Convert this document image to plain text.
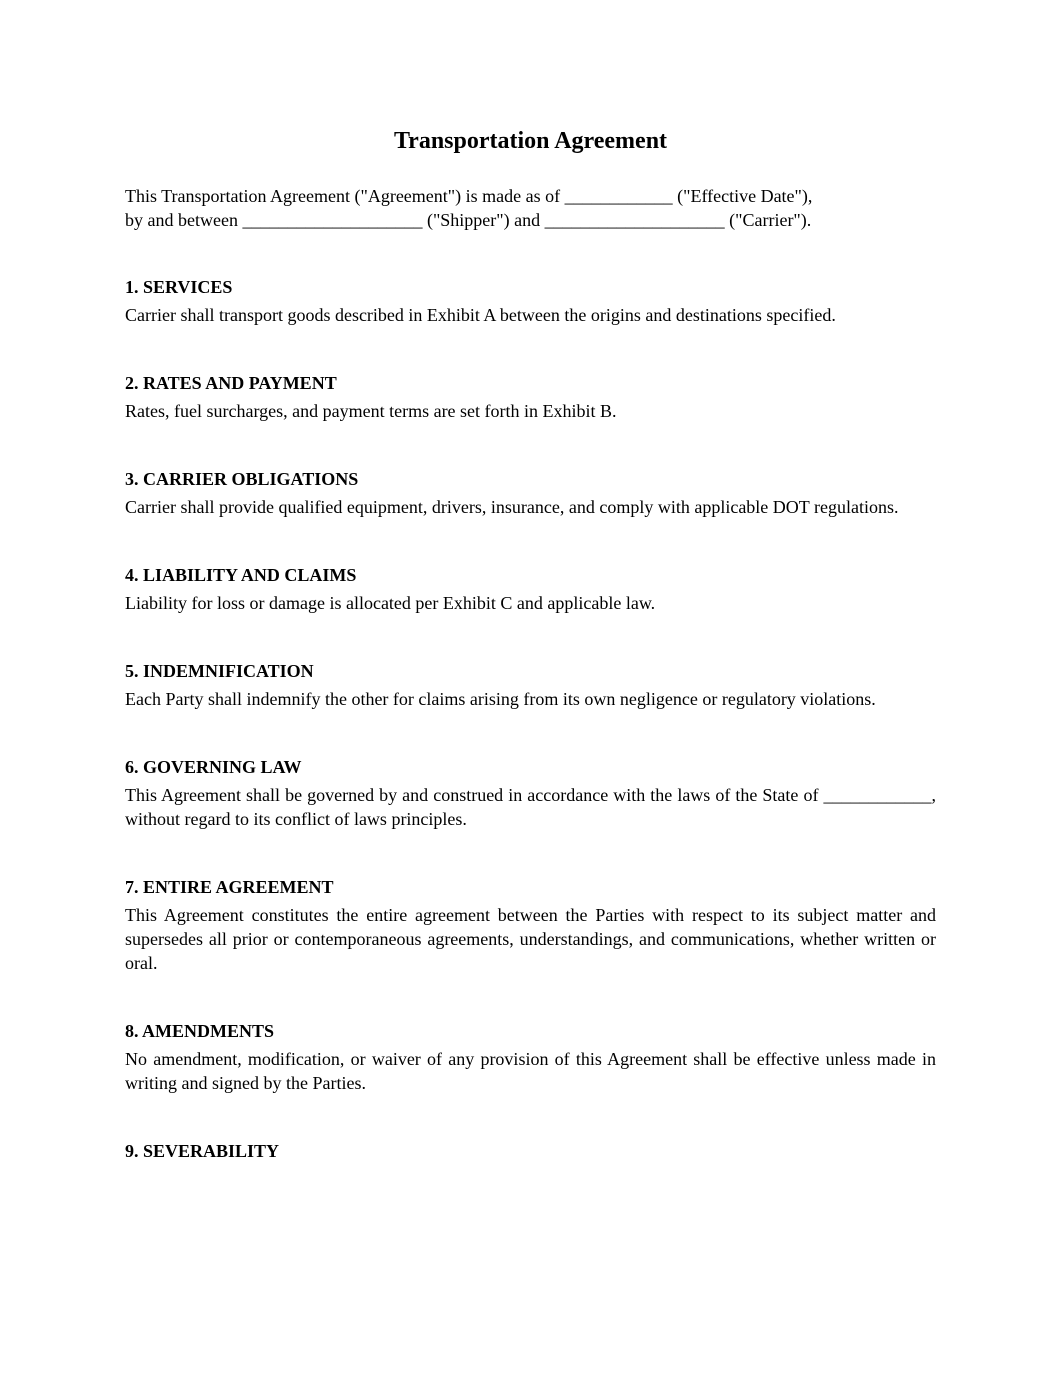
Transportation Agreement

This Transportation Agreement ("Agreement") is made as of ____________ ("Effective Date"),

by and between ____________________ ("Shipper") and ____________________ ("Carrier").

1. SERVICES

Carrier shall transport goods described in Exhibit A between the origins and destinations specified.

2. RATES AND PAYMENT

Rates, fuel surcharges, and payment terms are set forth in Exhibit B.

3. CARRIER OBLIGATIONS

Carrier shall provide qualified equipment, drivers, insurance, and comply with applicable DOT regulations.

4. LIABILITY AND CLAIMS

Liability for loss or damage is allocated per Exhibit C and applicable law.

5. INDEMNIFICATION

Each Party shall indemnify the other for claims arising from its own negligence or regulatory violations.

6. GOVERNING LAW

This Agreement shall be governed by and construed in accordance with the laws of the State of ____________, without regard to its conflict of laws principles.

7. ENTIRE AGREEMENT

This Agreement constitutes the entire agreement between the Parties with respect to its subject matter and supersedes all prior or contemporaneous agreements, understandings, and communications, whether written or oral.

8. AMENDMENTS

No amendment, modification, or waiver of any provision of this Agreement shall be effective unless made in writing and signed by the Parties.

9. SEVERABILITY
